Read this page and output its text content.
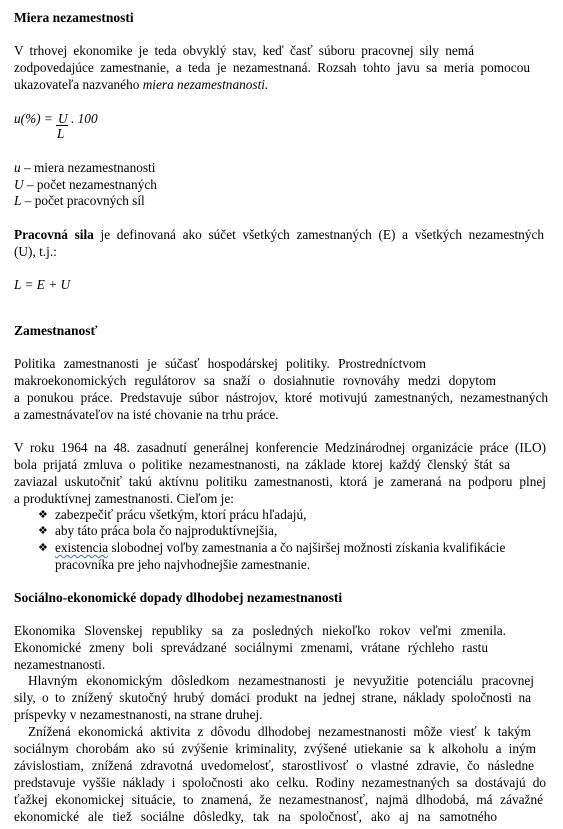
Miera nezamestnosti
V trhovej ekonomike je teda obvyklý stav, keď časť súboru pracovnej sily nemá
zodpovedajúce zamestnanie, a teda je nezamestnaná. Rozsah tohto javu sa meria pomocou
ukazovateľa nazvaného miera nezamestnanosti.
u(%) = U . 100
L
u – miera nezamestnanosti
U – počet nezamestnaných
L – počet pracovných síl
Pracovná sila je definovaná ako súčet všetkých zamestnaných (E) a všetkých nezamestných
(U), t.j.:
L = E + U
Zamestnanosť
Politika zamestnanosti je súčasť hospodárskej politiky. Prostredníctvom
makroekonomických regulátorov sa snaží o dosiahnutie rovnováhy medzi dopytom
a ponukou práce. Predstavuje súbor nástrojov, ktoré motivujú zamestnaných, nezamestnaných
a zamestnávateľov na isté chovanie na trhu práce.
V roku 1964 na 48. zasadnutí generálnej konferencie Medzinárodnej organizácie práce (ILO)
bola prijatá zmluva o politike nezamestnanosti, na základe ktorej každý členský štát sa
zaviazal uskutočniť takú aktívnu politiku zamestnanosti, ktorá je zameraná na podporu plnej
a produktívnej zamestnanosti. Cieľom je:
❖ zabezpečiť prácu všetkým, ktorí prácu hľadajú,
❖ aby táto práca bola čo najproduktívnejšia,
❖ existencia slobodnej voľby zamestnania a čo najširšej možnosti získania kvalifikácie
pracovníka pre jeho najvhodnejšie zamestnanie.
Sociálno-ekonomické dopady dlhodobej nezamestnanosti
Ekonomika Slovenskej republiky sa za posledných niekoľko rokov veľmi zmenila.
Ekonomické zmeny boli sprevádzané sociálnymi zmenami, vrátane rýchleho rastu
nezamestnanosti.
Hlavným ekonomickým dôsledkom nezamestnanosti je nevyužitie potenciálu pracovnej
sily, o to znížený skutočný hrubý domáci produkt na jednej strane, náklady spoločnosti na
príspevky v nezamestnanosti, na strane druhej.
Znížená ekonomická aktivita z dôvodu dlhodobej nezamestnanosti môže viesť k takým
sociálnym chorobám ako sú zvýšenie kriminality, zvýšené utiekanie sa k alkoholu a iným
závislostiam, znížená zdravotná uvedomelosť, starostlivosť o vlastné zdravie, čo následne
predstavuje vyššie náklady i spoločnosti ako celku. Rodiny nezamestnaných sa dostávajú do
ťažkej ekonomickej situácie, to znamená, že nezamestnanosť, najmä dlhodobá, má závažné
ekonomické ale tiež sociálne dôsledky, tak na spoločnosť, ako aj na samotného
